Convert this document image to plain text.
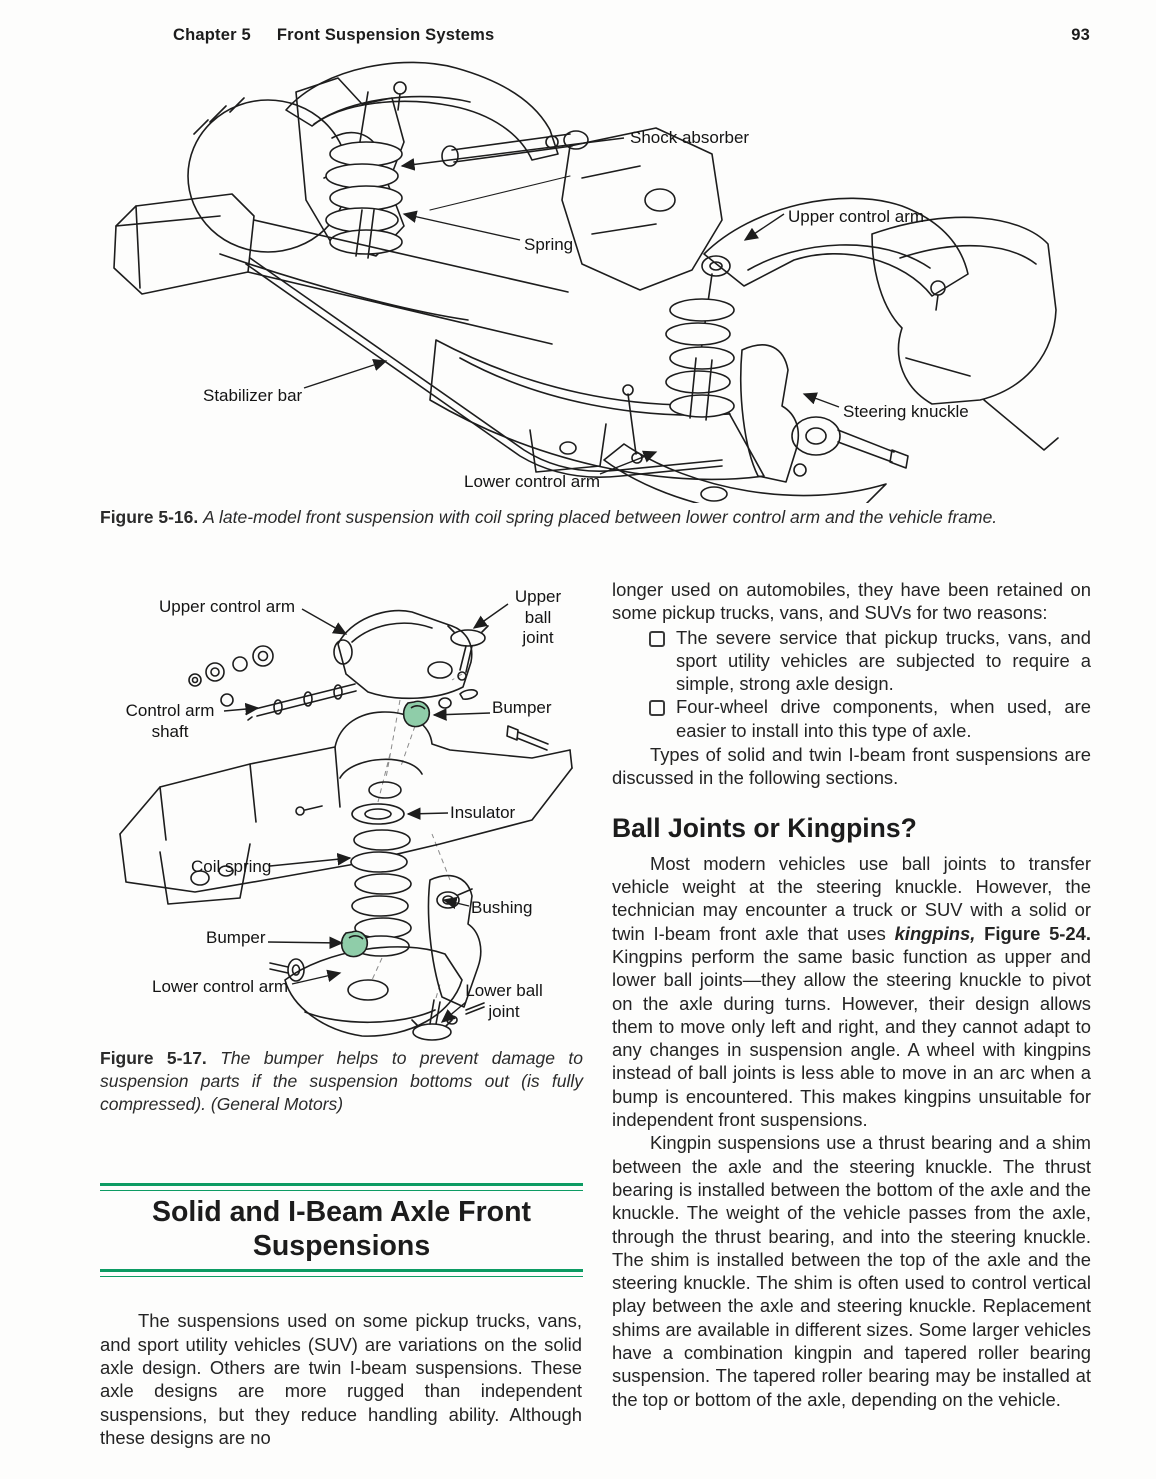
Chapter 5 Front Suspension Systems	93
Shock absorber
Upper control arm
Spring
Stabilizer bar
Steering knuckle
Lower control arm
Figure 5-16. A late-model front suspension with coil spring placed between lower control arm and the vehicle frame.
Upper control arm
Upper ball joint
Control arm shaft
Bumper
Insulator
Coil spring
Bushing
Bumper
Lower control arm	Lower ball joint
Figure 5-17. The bumper helps to prevent damage to suspension parts if the suspension bottoms out (is fully compressed). (General Motors)
Solid and I-Beam Axle Front
Suspensions

The suspensions used on some pickup trucks, vans, and sport utility vehicles (SUV) are variations on the solid axle design. Others are twin I-beam suspensions. These axle designs are more rugged than independent suspensions, but they reduce handling ability. Although these designs are no

longer used on automobiles, they have been retained on some pickup trucks, vans, and SUVs for two reasons:

The severe service that pickup trucks, vans, and sport utility vehicles are subjected to require a simple, strong axle design.
Four-wheel drive components, when used, are easier to install into this type of axle.

Types of solid and twin I-beam front suspensions are discussed in the following sections.

Ball Joints or Kingpins?

Most modern vehicles use ball joints to transfer vehicle weight at the steering knuckle. However, the technician may encounter a truck or SUV with a solid or twin I-beam front axle that uses kingpins, Figure 5-24. Kingpins perform the same basic function as upper and lower ball joints—they allow the steering knuckle to pivot on the axle during turns. However, their design allows them to move only left and right, and they cannot adapt to any changes in suspension angle. A wheel with kingpins instead of ball joints is less able to move in an arc when a bump is encountered. This makes kingpins unsuitable for independent front suspensions.

Kingpin suspensions use a thrust bearing and a shim between the axle and the steering knuckle. The thrust bearing is installed between the bottom of the axle and the knuckle. The weight of the vehicle passes from the axle, through the thrust bearing, and into the steering knuckle. The shim is installed between the top of the axle and the steering knuckle. The shim is often used to control vertical play between the axle and steering knuckle. Replacement shims are available in different sizes. Some larger vehicles have a combination kingpin and tapered roller bearing suspension. The tapered roller bearing may be installed at the top or bottom of the axle, depending on the vehicle.
